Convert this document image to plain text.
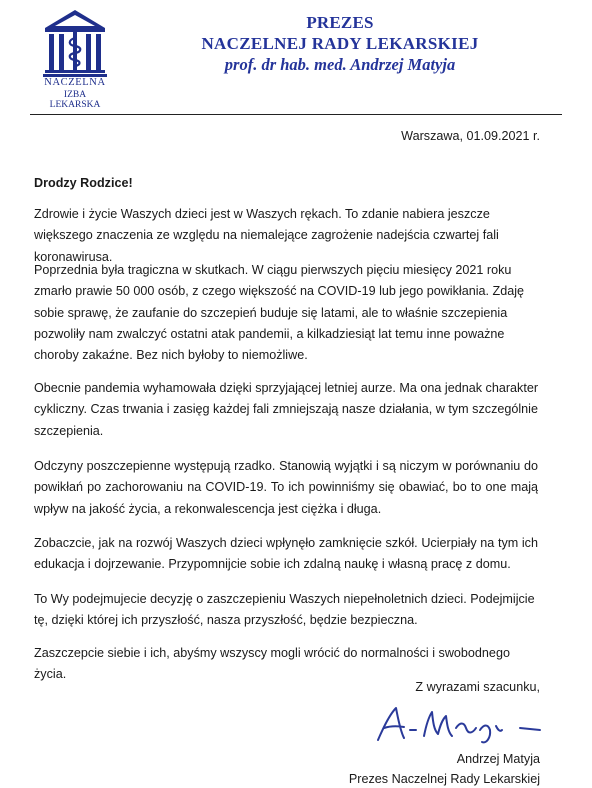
NACZELNA
IZBA LEKARSKA
PREZES
NACZELNEJ RADY LEKARSKIEJ
prof. dr hab. med. Andrzej Matyja
Warszawa, 01.09.2021 r.
Drodzy Rodzice!

Zdrowie i życie Waszych dzieci jest w Waszych rękach. To zdanie nabiera jeszcze większego znaczenia ze względu na niemalejące zagrożenie nadejścia czwartej fali koronawirusa.

Poprzednia była tragiczna w skutkach. W ciągu pierwszych pięciu miesięcy 2021 roku zmarło prawie 50 000 osób, z czego większość na COVID-19 lub jego powikłania. Zdaję sobie sprawę, że zaufanie do szczepień buduje się latami, ale to właśnie szczepienia pozwoliły nam zwalczyć ostatni atak pandemii, a kilkadziesiąt lat temu inne poważne choroby zakaźne. Bez nich byłoby to niemożliwe.

Obecnie pandemia wyhamowała dzięki sprzyjającej letniej aurze. Ma ona jednak charakter cykliczny. Czas trwania i zasięg każdej fali zmniejszają nasze działania, w tym szczególnie szczepienia.

Odczyny poszczepienne występują rzadko. Stanowią wyjątki i są niczym w porównaniu do powikłań po zachorowaniu na COVID-19. To ich powinniśmy się obawiać, bo to one mają wpływ na jakość życia, a rekonwalescencja jest ciężka i długa.

Zobaczcie, jak na rozwój Waszych dzieci wpłynęło zamknięcie szkół. Ucierpiały na tym ich edukacja i dojrzewanie. Przypomnijcie sobie ich zdalną naukę i własną pracę z domu.

To Wy podejmujecie decyzję o zaszczepieniu Waszych niepełnoletnich dzieci. Podejmijcie tę, dzięki której ich przyszłość, nasza przyszłość, będzie bezpieczna.

Zaszczepcie siebie i ich, abyśmy wszyscy mogli wrócić do normalności i swobodnego życia.

Z wyrazami szacunku,
Andrzej Matyja
Prezes Naczelnej Rady Lekarskiej
